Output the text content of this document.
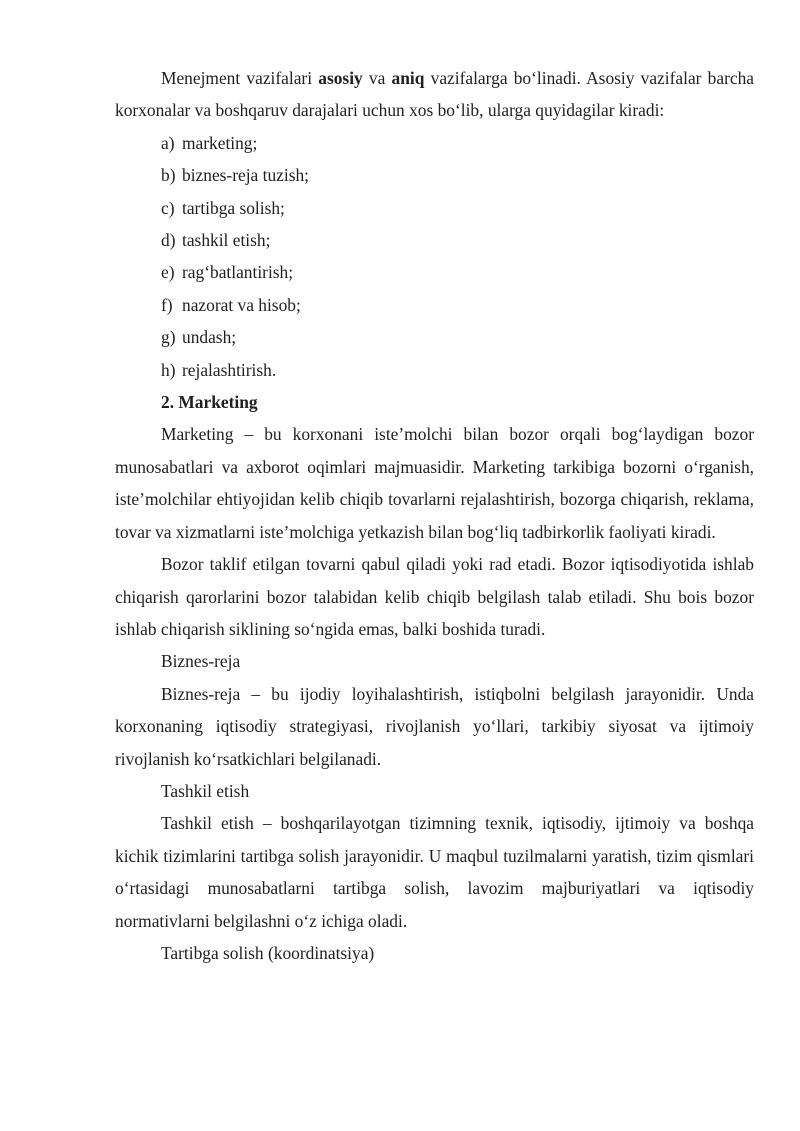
Menejment vazifalari asosiy va aniq vazifalarga bo‘linadi. Asosiy vazifalar barcha korxonalar va boshqaruv darajalari uchun xos bo‘lib, ularga quyidagilar kiradi:

a) marketing;
b) biznes-reja tuzish;
c) tartibga solish;
d) tashkil etish;
e) rag‘batlantirish;
f) nazorat va hisob;
g) undash;
h) rejalashtirish.

2. Marketing

Marketing – bu korxonani iste’molchi bilan bozor orqali bog‘laydigan bozor munosabatlari va axborot oqimlari majmuasidir. Marketing tarkibiga bozorni o‘rganish, iste’molchilar ehtiyojidan kelib chiqib tovarlarni rejalashtirish, bozorga chiqarish, reklama, tovar va xizmatlarni iste’molchiga yetkazish bilan bog‘liq tadbirkorlik faoliyati kiradi.

Bozor taklif etilgan tovarni qabul qiladi yoki rad etadi. Bozor iqtisodiyotida ishlab chiqarish qarorlarini bozor talabidan kelib chiqib belgilash talab etiladi. Shu bois bozor ishlab chiqarish siklining so‘ngida emas, balki boshida turadi.

Biznes-reja

Biznes-reja – bu ijodiy loyihalashtirish, istiqbolni belgilash jarayonidir. Unda korxonaning iqtisodiy strategiyasi, rivojlanish yo‘llari, tarkibiy siyosat va ijtimoiy rivojlanish ko‘rsatkichlari belgilanadi.

Tashkil etish

Tashkil etish – boshqarilayotgan tizimning texnik, iqtisodiy, ijtimoiy va boshqa kichik tizimlarini tartibga solish jarayonidir. U maqbul tuzilmalarni yaratish, tizim qismlari o‘rtasidagi munosabatlarni tartibga solish, lavozim majburiyatlari va iqtisodiy normativlarni belgilashni o‘z ichiga oladi.

Tartibga solish (koordinatsiya)
